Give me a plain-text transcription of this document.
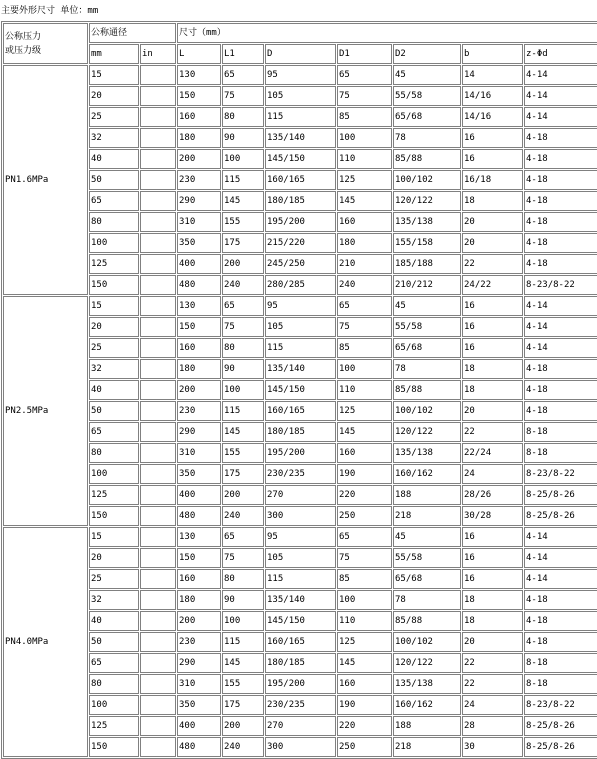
主要外形尺寸 单位：mm
公称压力
或压力级	公称通径		尺寸（mm）						
	mm	in	L	L1	D	D1	D2	b	z-Φd
PN1.6MPa	15		130	65	95	65	45	14	4-14
	20		150	75	105	75	55/58	14/16	4-14
	25		160	80	115	85	65/68	14/16	4-14
	32		180	90	135/140	100	78	16	4-18
	40		200	100	145/150	110	85/88	16	4-18
	50		230	115	160/165	125	100/102	16/18	4-18
	65		290	145	180/185	145	120/122	18	4-18
	80		310	155	195/200	160	135/138	20	4-18
	100		350	175	215/220	180	155/158	20	4-18
	125		400	200	245/250	210	185/188	22	4-18
	150		480	240	280/285	240	210/212	24/22	8-23/8-22
PN2.5MPa	15		130	65	95	65	45	16	4-14
	20		150	75	105	75	55/58	16	4-14
	25		160	80	115	85	65/68	16	4-14
	32		180	90	135/140	100	78	18	4-18
	40		200	100	145/150	110	85/88	18	4-18
	50		230	115	160/165	125	100/102	20	4-18
	65		290	145	180/185	145	120/122	22	8-18
	80		310	155	195/200	160	135/138	22/24	8-18
	100		350	175	230/235	190	160/162	24	8-23/8-22
	125		400	200	270	220	188	28/26	8-25/8-26
	150		480	240	300	250	218	30/28	8-25/8-26
PN4.0MPa	15		130	65	95	65	45	16	4-14
	20		150	75	105	75	55/58	16	4-14
	25		160	80	115	85	65/68	16	4-14
	32		180	90	135/140	100	78	18	4-18
	40		200	100	145/150	110	85/88	18	4-18
	50		230	115	160/165	125	100/102	20	4-18
	65		290	145	180/185	145	120/122	22	8-18
	80		310	155	195/200	160	135/138	22	8-18
	100		350	175	230/235	190	160/162	24	8-23/8-22
	125		400	200	270	220	188	28	8-25/8-26
	150		480	240	300	250	218	30	8-25/8-26
